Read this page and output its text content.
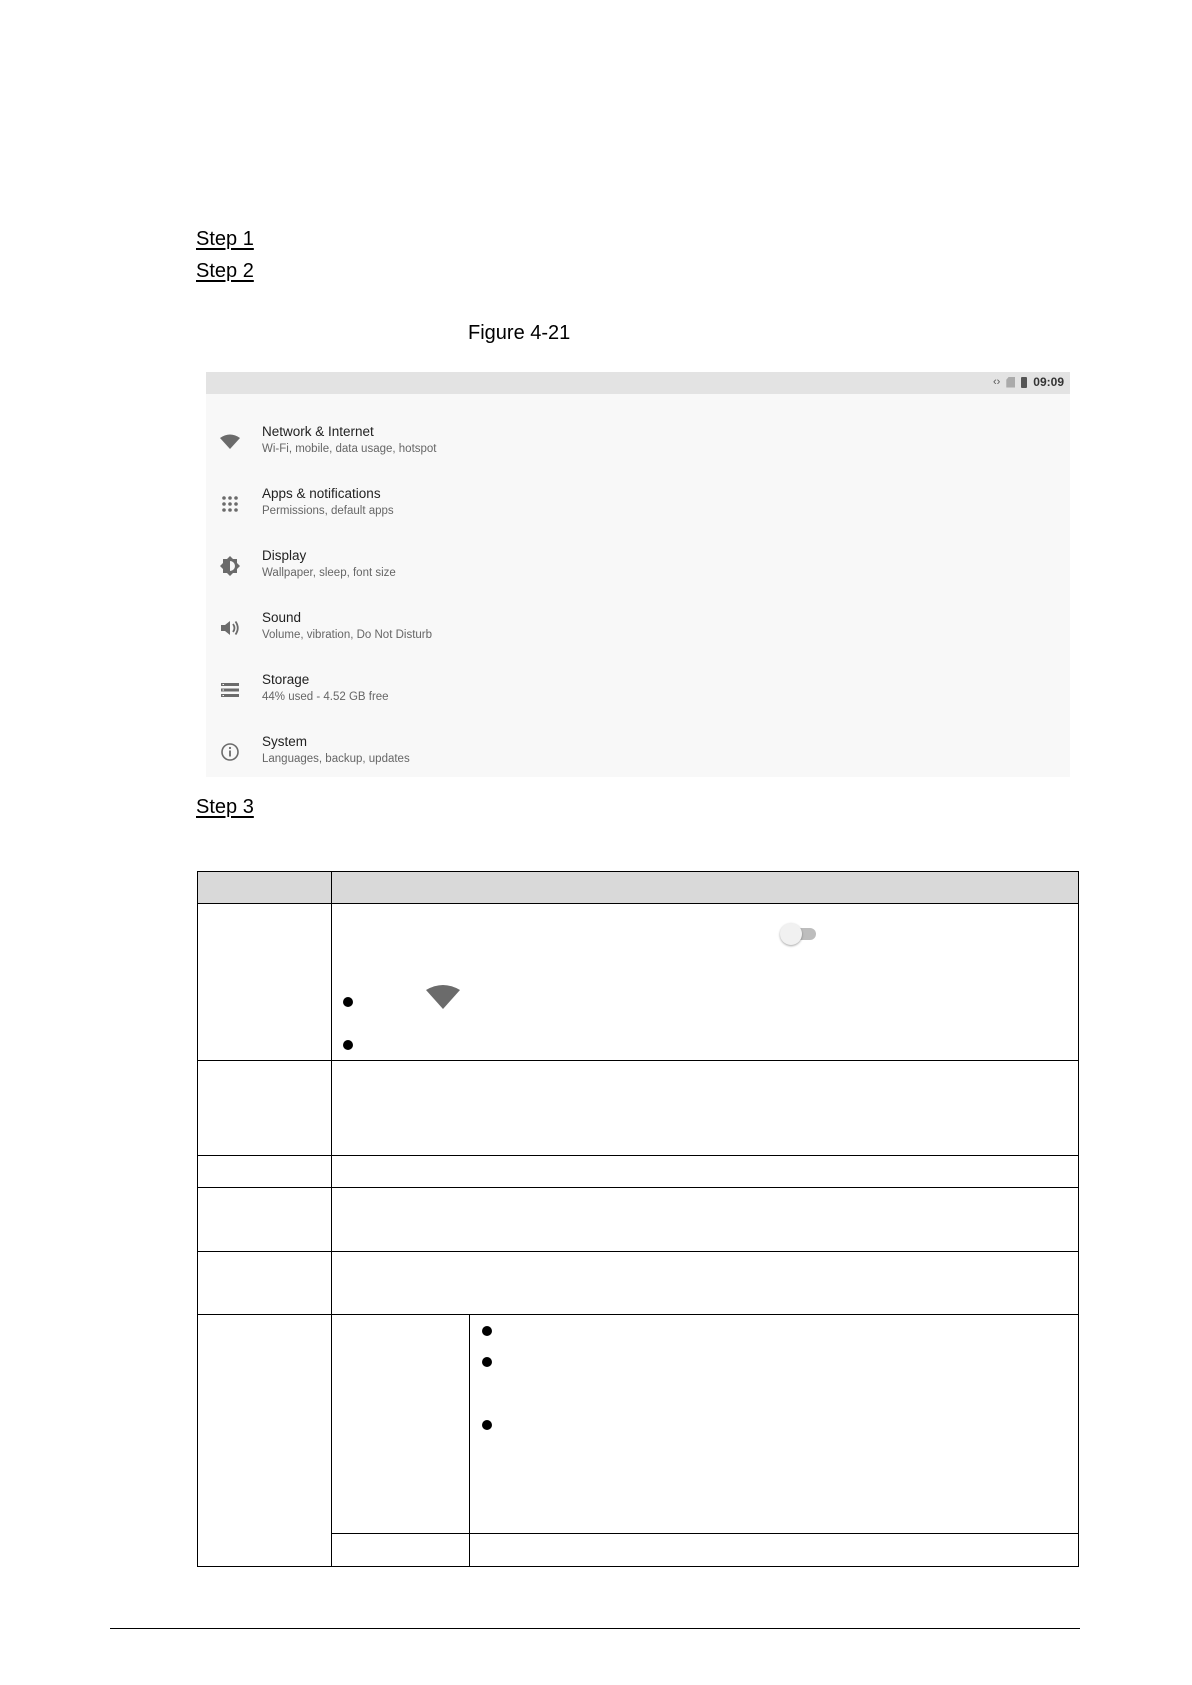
Step 1
Step 2
Figure 4-21
‹›	09:09
Network & Internet
Wi-Fi, mobile, data usage, hotspot
Apps & notifications
Permissions, default apps
Display
Wallpaper, sleep, font size
Sound
Volume, vibration, Do Not Disturb
Storage
44% used - 4.52 GB free
System
Languages, backup, updates
Step 3
